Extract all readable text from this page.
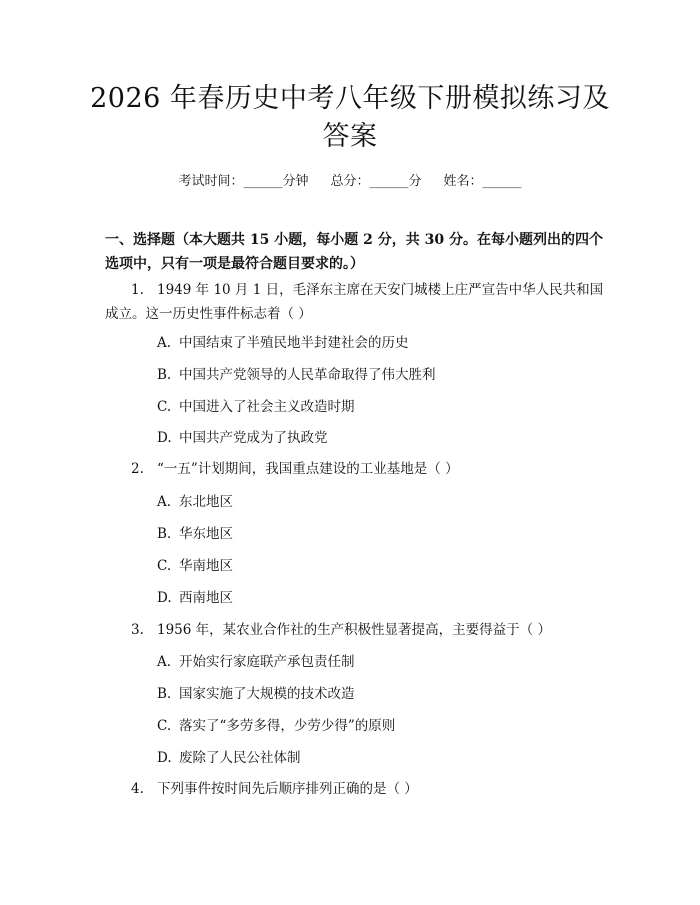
2026 年春历史中考八年级下册模拟练习及答案
考试时间：______分钟 总分：______分 姓名：______
一、选择题（本大题共 15 小题，每小题 2 分，共 30 分。在每小题列出的四个选项中，只有一项是最符合题目要求的。）
1. 1949 年 10 月 1 日，毛泽东主席在天安门城楼上庄严宣告中华人民共和国成立。这一历史性事件标志着（ ）
A. 中国结束了半殖民地半封建社会的历史
B. 中国共产党领导的人民革命取得了伟大胜利
C. 中国进入了社会主义改造时期
D. 中国共产党成为了执政党
2. “一五”计划期间，我国重点建设的工业基地是（ ）
A. 东北地区
B. 华东地区
C. 华南地区
D. 西南地区
3. 1956 年，某农业合作社的生产积极性显著提高，主要得益于（ ）
A. 开始实行家庭联产承包责任制
B. 国家实施了大规模的技术改造
C. 落实了“多劳多得，少劳少得”的原则
D. 废除了人民公社体制
4. 下列事件按时间先后顺序排列正确的是（ ）
